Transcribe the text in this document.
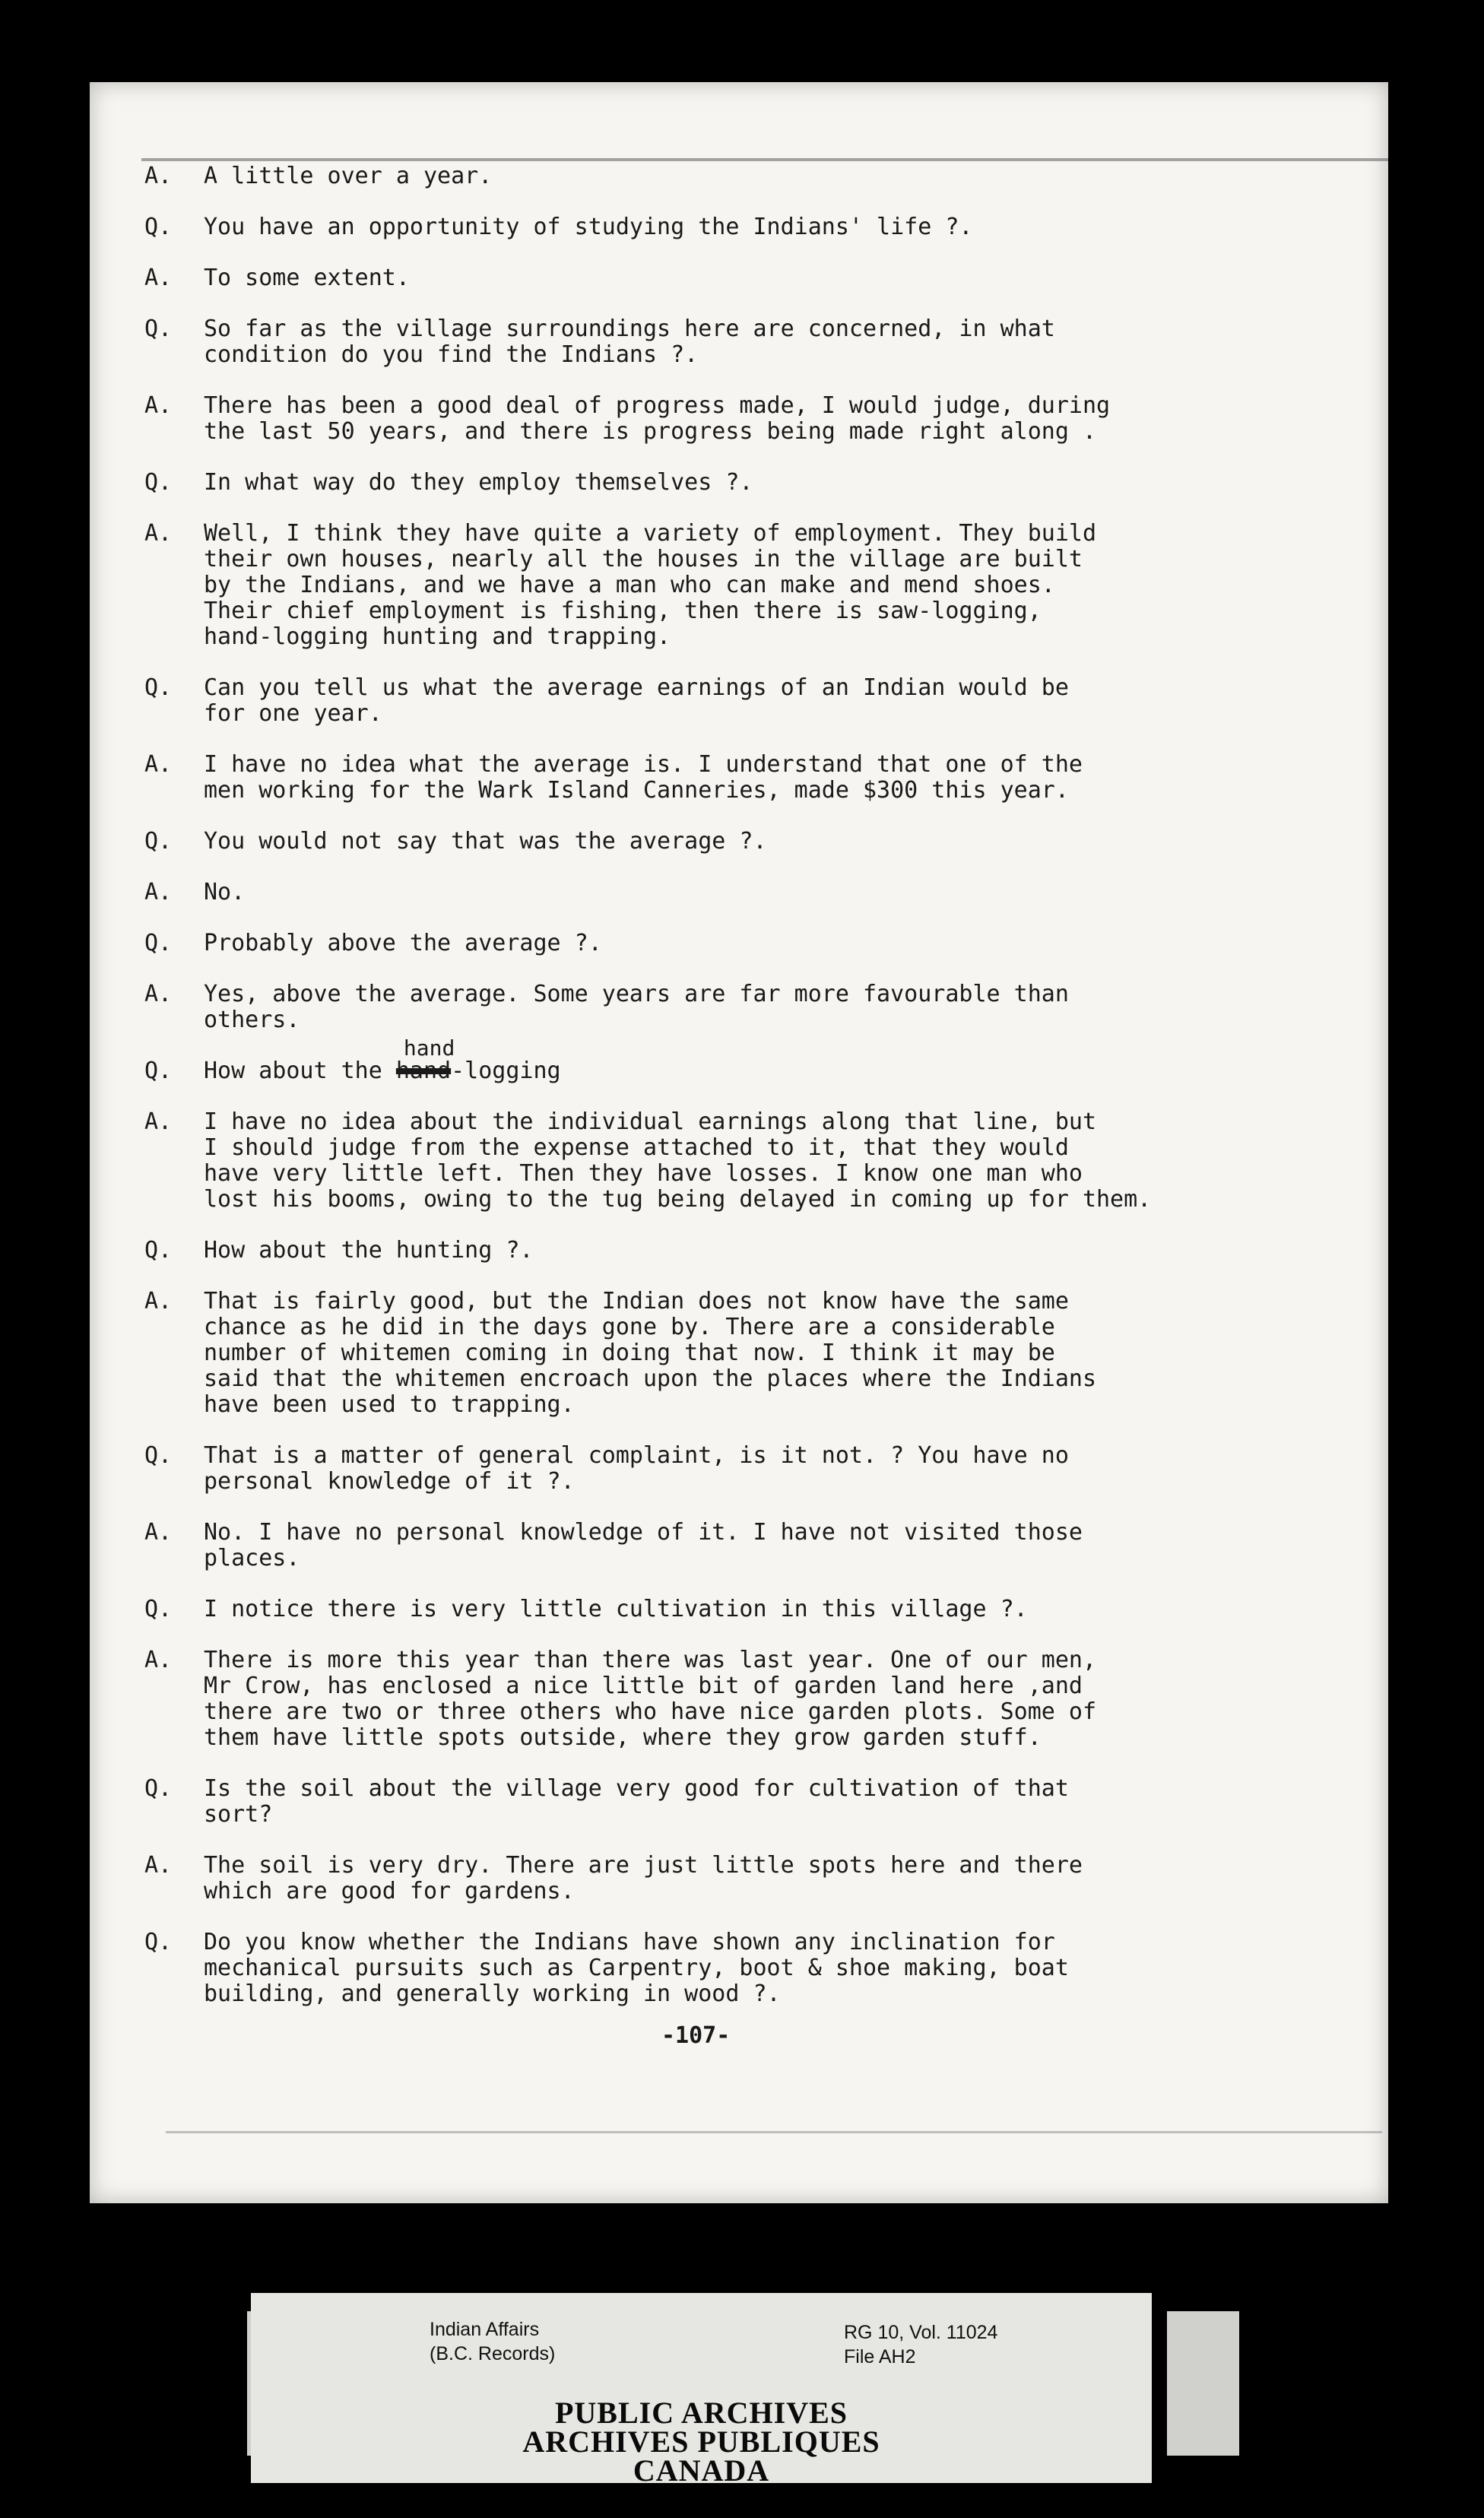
A.	A little over a year.
Q.	You have an opportunity of studying the Indians' life ?.
A.	To some extent.
Q.	So far as the village surroundings here are concerned, in what
condition do you find the Indians ?.
A.	There has been a good deal of progress made, I would judge, during
the last 50 years, and there is progress being made right along .
Q.	In what way do they employ themselves ?.
A.	Well, I think they have quite a variety of employment. They build
their own houses, nearly all the houses in the village are built
by the Indians, and we have a man who can make and mend shoes.
Their chief employment is fishing, then there is saw-logging,
hand-logging hunting and trapping.
Q.	Can you tell us what the average earnings of an Indian would be
for one year.
A.	I have no idea what the average is. I understand that one of the
men working for the Wark Island Canneries, made $300 this year.
Q.	You would not say that was the average ?.
A.	No.
Q.	Probably above the average ?.
A.	Yes, above the average. Some years are far more favourable than
others.
Q.	How about the
hand
hand-logging
A.	I have no idea about the individual earnings along that line, but
I should judge from the expense attached to it, that they would
have very little left. Then they have losses. I know one man who
lost his booms, owing to the tug being delayed in coming up for them.
Q.	How about the hunting ?.
A.	That is fairly good, but the Indian does not know have the same
chance as he did in the days gone by. There are a considerable
number of whitemen coming in doing that now. I think it may be
said that the whitemen encroach upon the places where the Indians
have been used to trapping.
Q.	That is a matter of general complaint, is it not. ? You have no
personal knowledge of it ?.
A.	No. I have no personal knowledge of it. I have not visited those
places.
Q.	I notice there is very little cultivation in this village ?.
A.	There is more this year than there was last year. One of our men,
Mr Crow, has enclosed a nice little bit of garden land here ,and
there are two or three others who have nice garden plots. Some of
them have little spots outside, where they grow garden stuff.
Q.	Is the soil about the village very good for cultivation of that
sort?
A.	The soil is very dry. There are just little spots here and there
which are good for gardens.
Q.	Do you know whether the Indians have shown any inclination for
mechanical pursuits such as Carpentry, boot & shoe making, boat
building, and generally working in wood ?.
-107-
Indian Affairs
(B.C. Records)
RG 10, Vol. 11024
File AH2
PUBLIC ARCHIVES
ARCHIVES PUBLIQUES
CANADA
